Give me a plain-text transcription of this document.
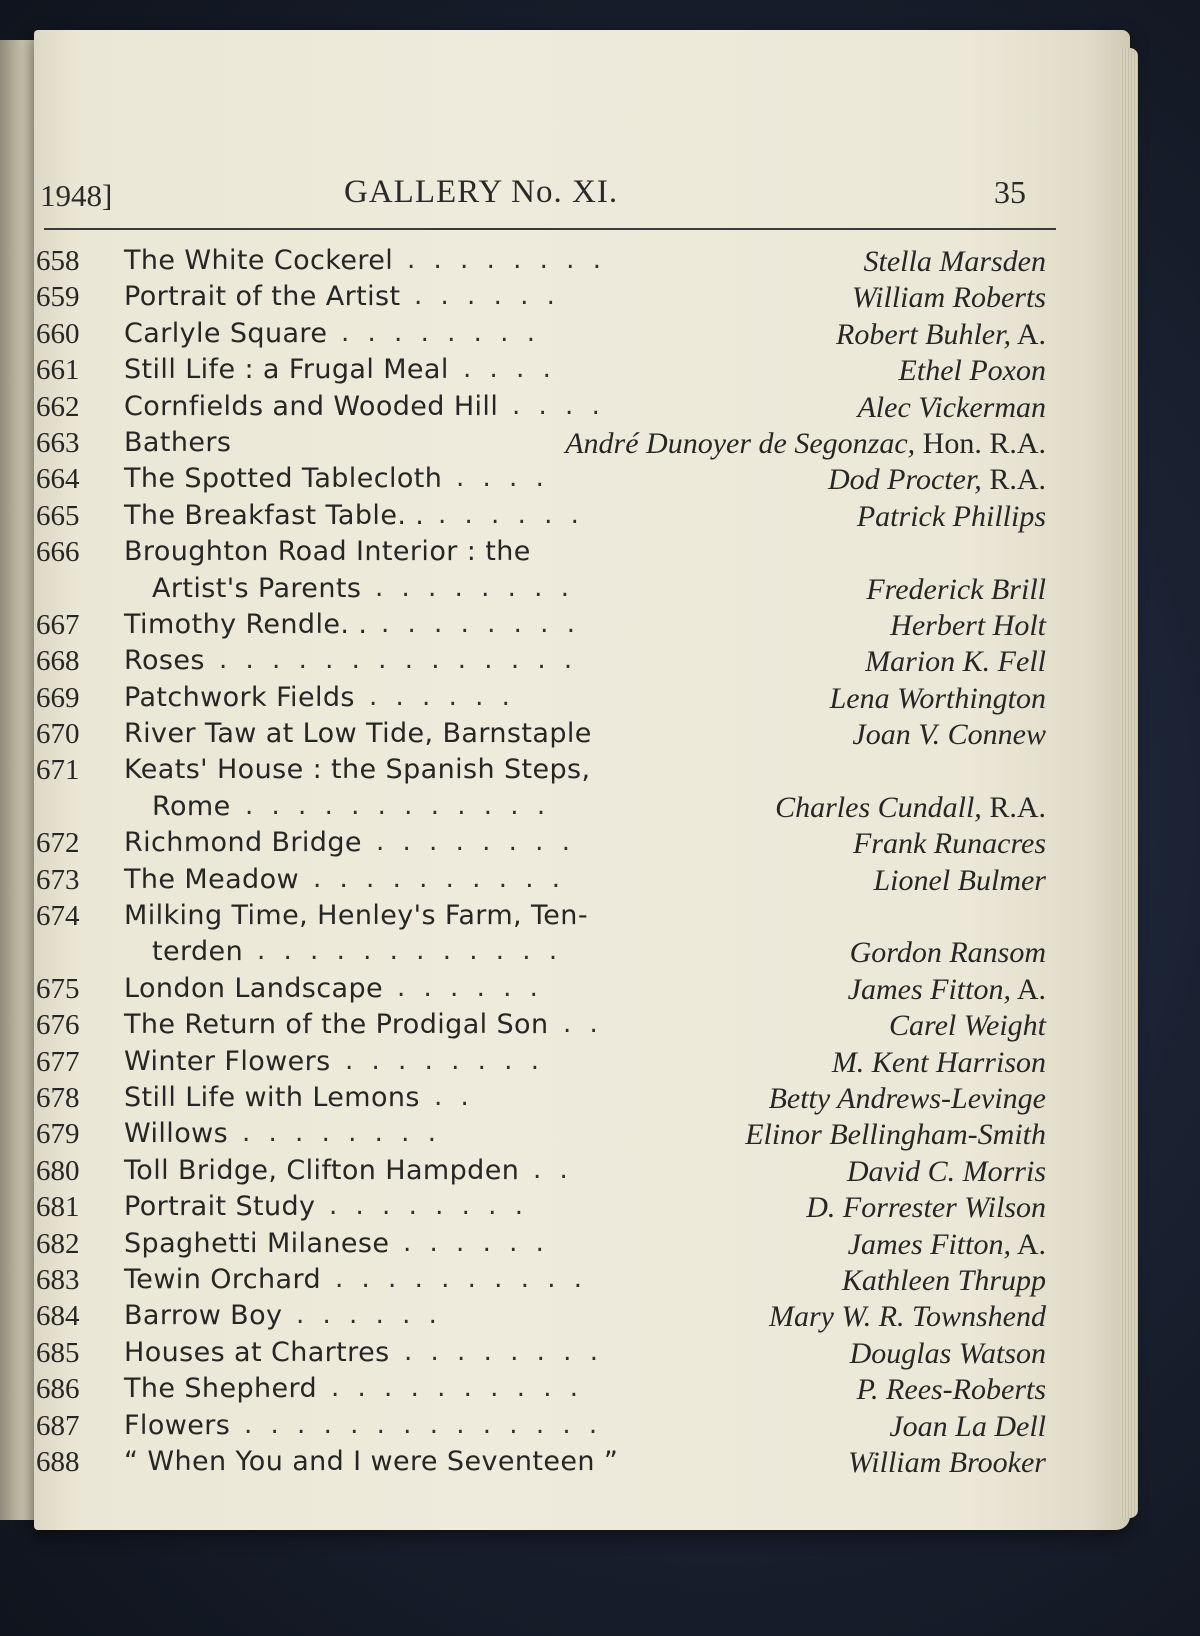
1948]	GALLERY No. XI.	35
658	The White Cockerel . . . . . . . .	Stella Marsden
659	Portrait of the Artist . . . . . .	William Roberts
660	Carlyle Square . . . . . . . .	Robert Buhler, A.
661	Still Life : a Frugal Meal . . . .	Ethel Poxon
662	Cornfields and Wooded Hill . . . .	Alec Vickerman
663	Bathers	André Dunoyer de Segonzac, Hon. R.A.
664	The Spotted Tablecloth . . . .	Dod Procter, R.A.
665	The Breakfast Table. . . . . . . .	Patrick Phillips
666	Broughton Road Interior : the
Artist's Parents . . . . . . . .	Frederick Brill
667	Timothy Rendle. . . . . . . . . .	Herbert Holt
668	Roses . . . . . . . . . . . . . .	Marion K. Fell
669	Patchwork Fields . . . . . .	Lena Worthington
670	River Taw at Low Tide, Barnstaple	Joan V. Connew
671	Keats' House : the Spanish Steps,
Rome . . . . . . . . . . . .	Charles Cundall, R.A.
672	Richmond Bridge . . . . . . . .	Frank Runacres
673	The Meadow . . . . . . . . . .	Lionel Bulmer
674	Milking Time, Henley's Farm, Ten-
terden . . . . . . . . . . . .	Gordon Ransom
675	London Landscape . . . . . .	James Fitton, A.
676	The Return of the Prodigal Son . .	Carel Weight
677	Winter Flowers . . . . . . . .	M. Kent Harrison
678	Still Life with Lemons . .	Betty Andrews-Levinge
679	Willows . . . . . . . .	Elinor Bellingham-Smith
680	Toll Bridge, Clifton Hampden . .	David C. Morris
681	Portrait Study . . . . . . . .	D. Forrester Wilson
682	Spaghetti Milanese . . . . . .	James Fitton, A.
683	Tewin Orchard . . . . . . . . . .	Kathleen Thrupp
684	Barrow Boy . . . . . .	Mary W. R. Townshend
685	Houses at Chartres . . . . . . . .	Douglas Watson
686	The Shepherd . . . . . . . . . .	P. Rees-Roberts
687	Flowers . . . . . . . . . . . . . .	Joan La Dell
688	“ When You and I were Seventeen ”	William Brooker
